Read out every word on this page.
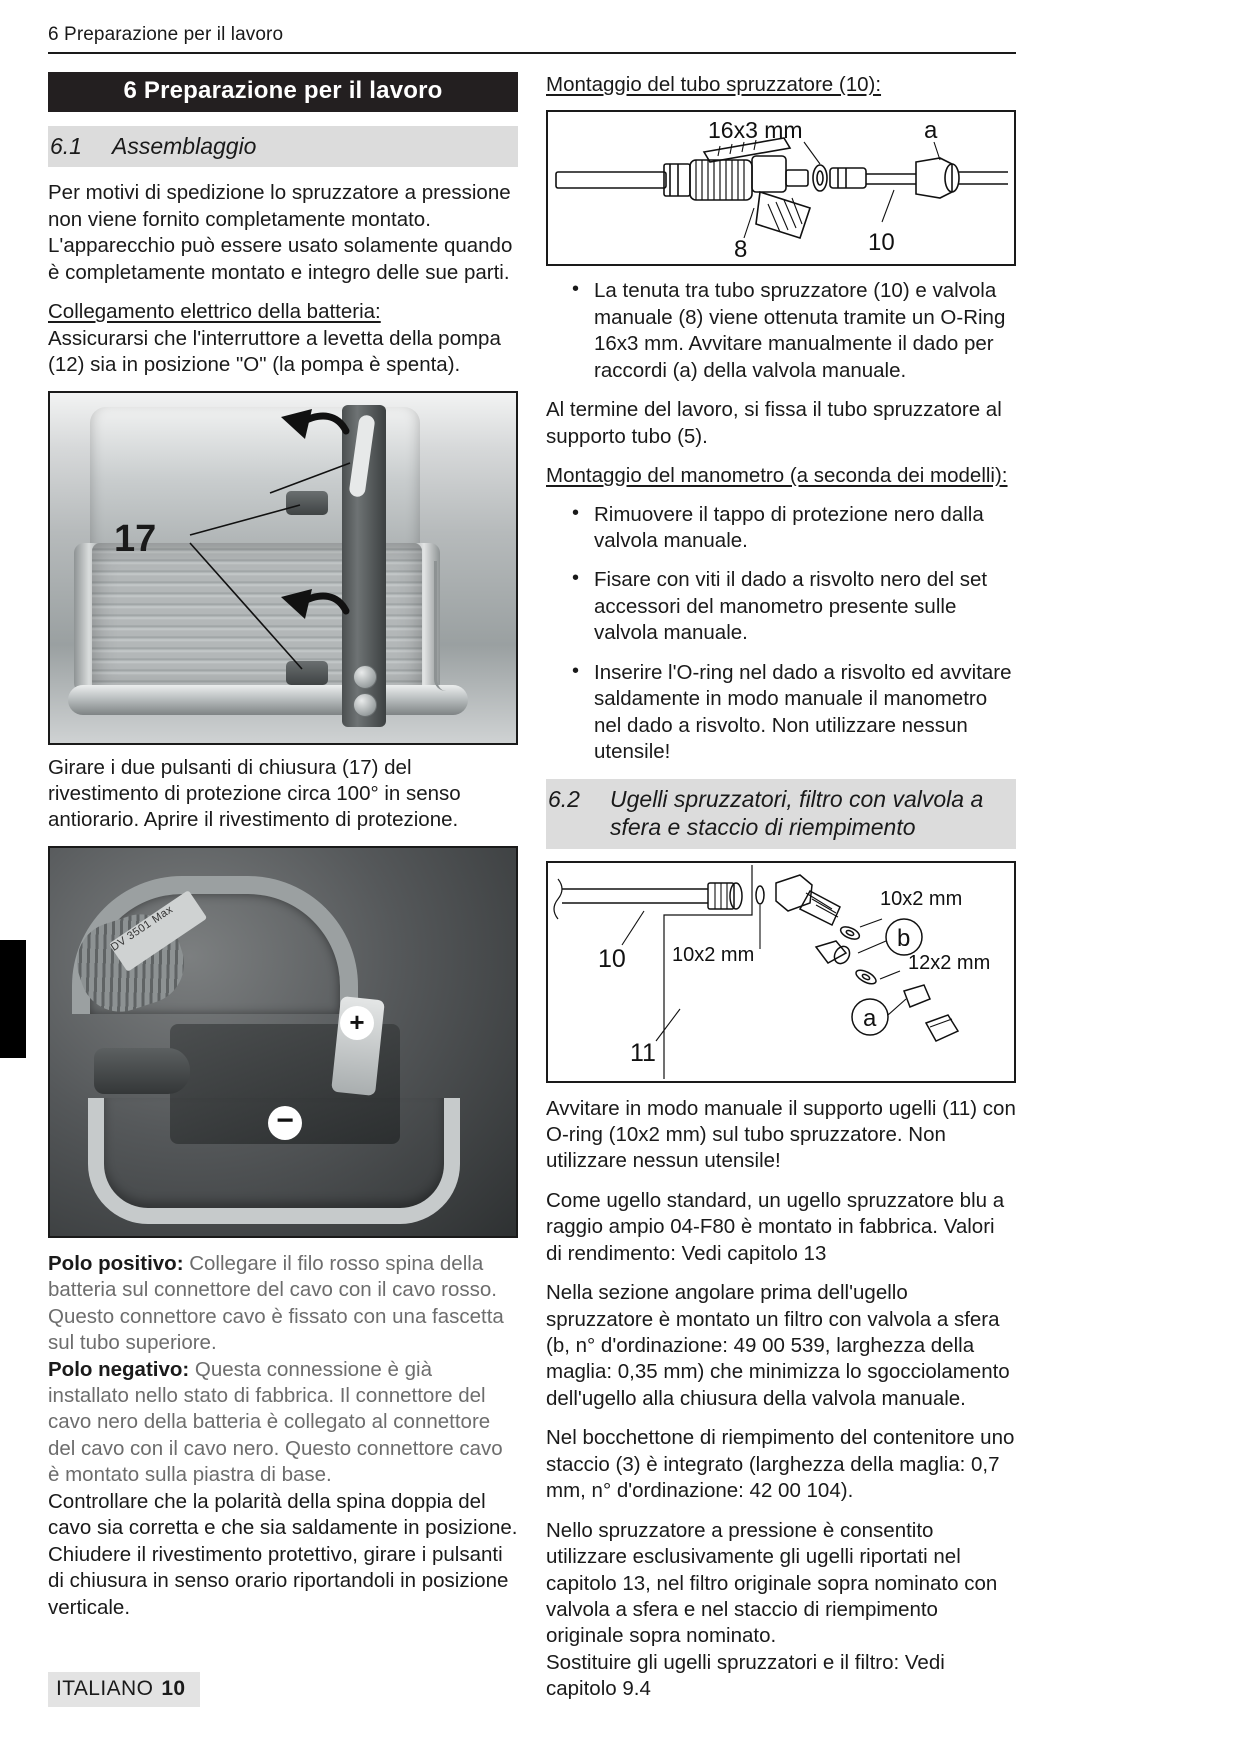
6 Preparazione per il lavoro
6 Preparazione per il lavoro
6.1	Assemblaggio

Per motivi di spedizione lo spruzzatore a pressione non viene fornito completamente montato.

L'apparecchio può essere usato solamente quando è completamente montato e integro delle sue parti.

Collegamento elettrico della batteria:

Assicurarsi che l'interruttore a levetta della pompa (12) sia in posizione "O" (la pompa è spenta).

17

Girare i due pulsanti di chiusura (17) del rivestimento di protezione circa 100° in senso antiorario. Aprire il rivestimento di protezione.

DV 3501 Max
+
−

Polo positivo: Collegare il filo rosso spina della batteria sul connettore del cavo con il cavo rosso. Questo connettore cavo è fissato con una fascetta sul tubo superiore.

Polo negativo: Questa connessione è già installato nello stato di fabbrica. Il connettore del cavo nero della batteria è collegato al connettore del cavo con il cavo nero. Questo connettore cavo è montato sulla piastra di base.

Controllare che la polarità della spina doppia del cavo sia corretta e che sia saldamente in posizione.

Chiudere il rivestimento protettivo, girare i pulsanti di chiusura in senso orario riportandoli in posizione verticale.

Montaggio del tubo spruzzatore (10):
16x3 mm	a
8	10
• La tenuta tra tubo spruzzatore (10) e valvola manuale (8) viene ottenuta tramite un O-Ring 16x3 mm. Avvitare manualmente il dado per raccordi (a) della valvola manuale.

Al termine del lavoro, si fissa il tubo spruzzatore al supporto tubo (5).

Montaggio del manometro (a seconda dei modelli):
• Rimuovere il tappo di protezione nero dalla valvola manuale.
• Fisare con viti il dado a risvolto nero del set accessori del manometro presente sulle valvola manuale.
• Inserire l'O-ring nel dado a risvolto ed avvitare saldamente in modo manuale il manometro nel dado a risvolto. Non utilizzare nessun utensile!
6.2	Ugelli spruzzatori, filtro con valvola a
sfera e staccio di riempimento
10
11
10x2 mm
10x2 mm
12x2 mm
b
a

Avvitare in modo manuale il supporto ugelli (11) con O-ring (10x2 mm) sul tubo spruzzatore. Non utilizzare nessun utensile!

Come ugello standard, un ugello spruzzatore blu a raggio ampio 04-F80 è montato in fabbrica. Valori di rendimento: Vedi capitolo 13

Nella sezione angolare prima dell'ugello spruzzatore è montato un filtro con valvola a sfera (b, n° d'ordinazione: 49 00 539, larghezza della maglia: 0,35 mm) che minimizza lo sgocciolamento dell'ugello alla chiusura della valvola manuale.

Nel bocchettone di riempimento del contenitore uno staccio (3) è integrato (larghezza della maglia: 0,7 mm, n° d'ordinazione: 42 00 104).

Nello spruzzatore a pressione è consentito utilizzare esclusivamente gli ugelli riportati nel capitolo 13, nel filtro originale sopra nominato con valvola a sfera e nel staccio di riempimento originale sopra nominato.

Sostituire gli ugelli spruzzatori e il filtro: Vedi capitolo 9.4

ITALIANO 10
